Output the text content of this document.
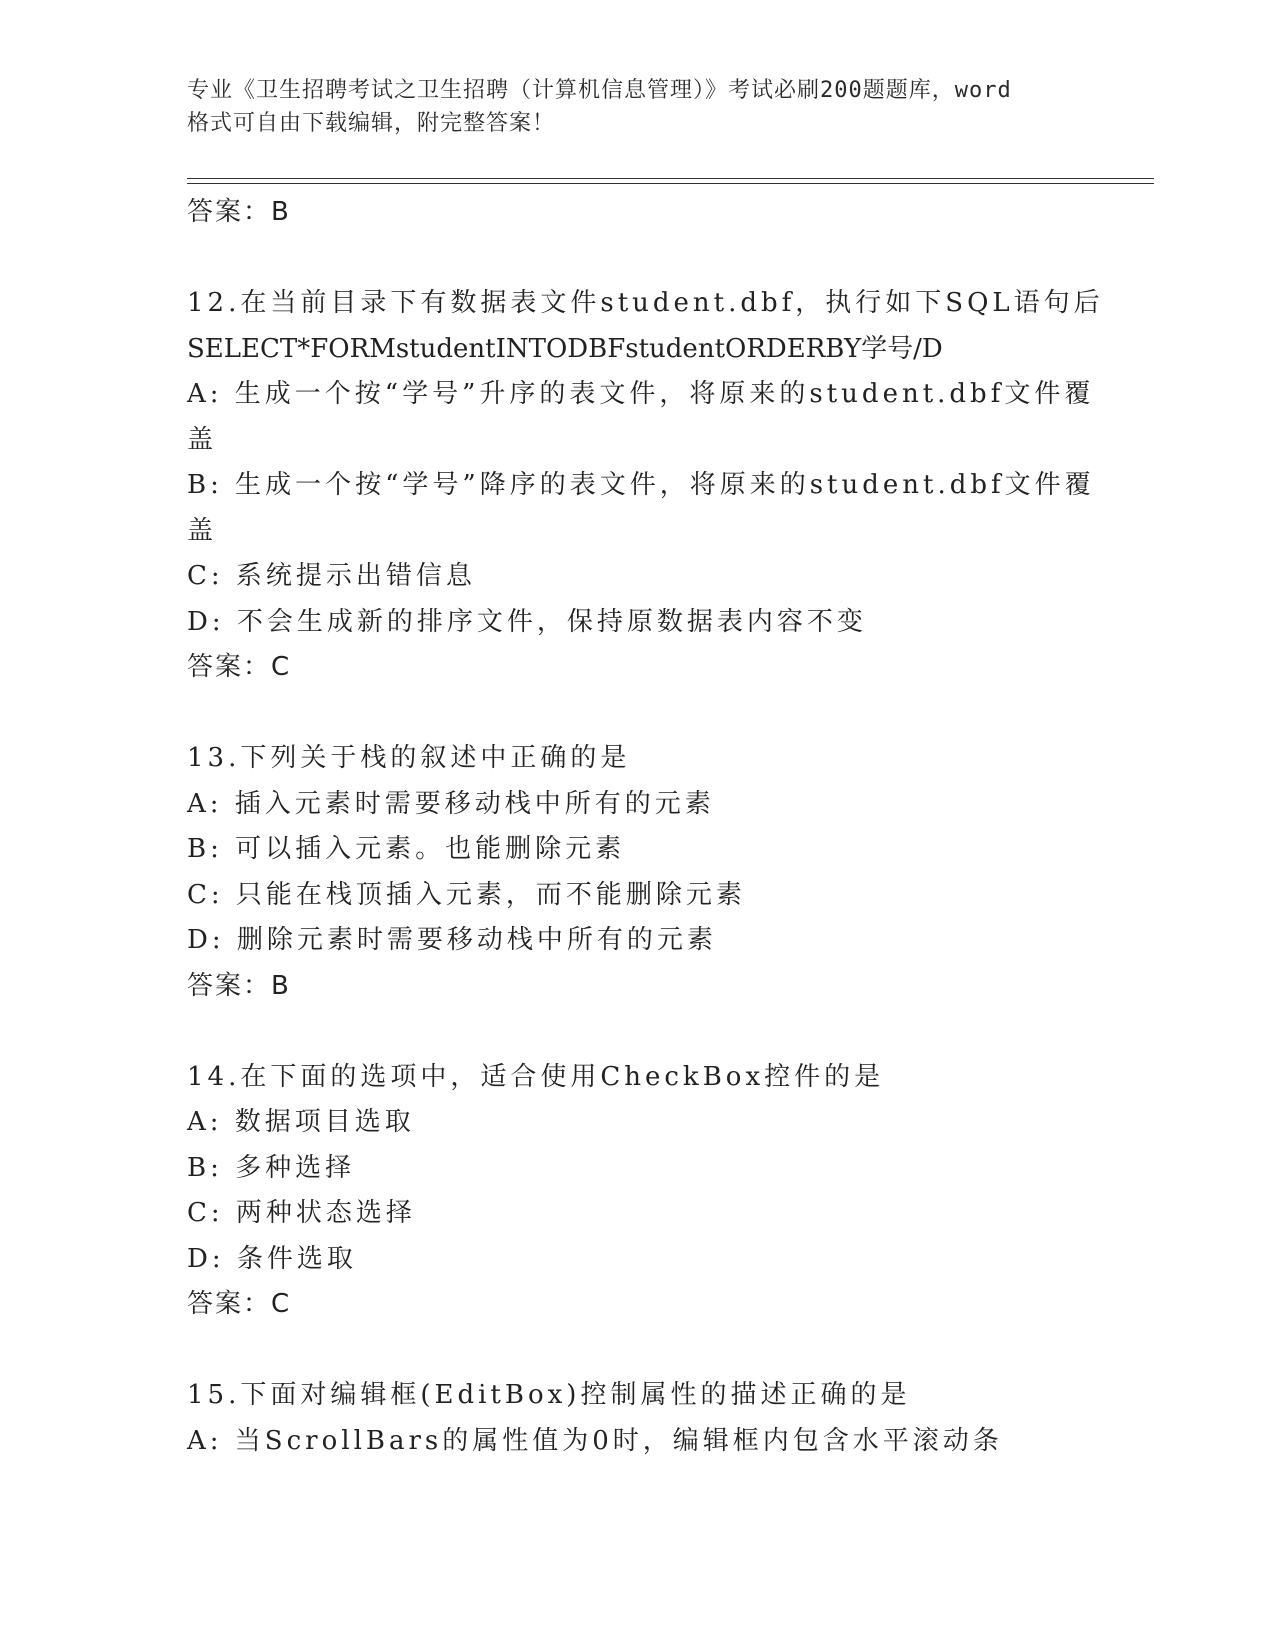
专业《卫生招聘考试之卫生招聘（计算机信息管理）》考试必刷200题题库，word
格式可自由下载编辑，附完整答案！
答案：B
12.在当前目录下有数据表文件student.dbf，执行如下SQL语句后
SELECT*FORMstudentINTODBFstudentORDERBY学号/D
A: 生成一个按“学号”升序的表文件，将原来的student.dbf文件覆
盖
B: 生成一个按“学号”降序的表文件，将原来的student.dbf文件覆
盖
C: 系统提示出错信息
D: 不会生成新的排序文件，保持原数据表内容不变
答案：C
13.下列关于栈的叙述中正确的是
A: 插入元素时需要移动栈中所有的元素
B: 可以插入元素。也能删除元素
C: 只能在栈顶插入元素，而不能删除元素
D: 删除元素时需要移动栈中所有的元素
答案：B
14.在下面的选项中，适合使用CheckBox控件的是
A: 数据项目选取
B: 多种选择
C: 两种状态选择
D: 条件选取
答案：C
15.下面对编辑框(EditBox)控制属性的描述正确的是
A: 当ScrollBars的属性值为0时，编辑框内包含水平滚动条
